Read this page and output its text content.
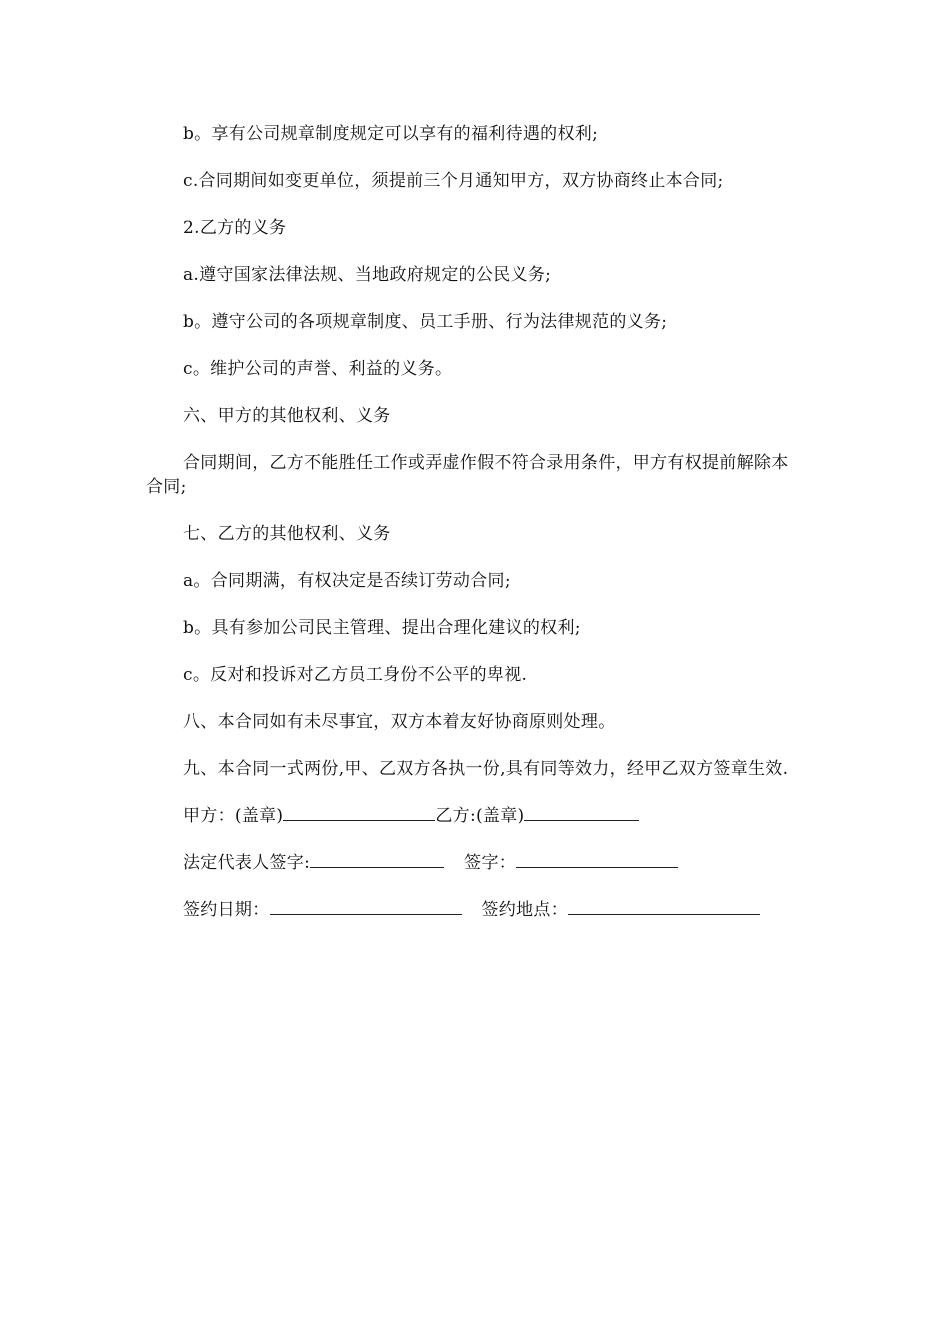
b。享有公司规章制度规定可以享有的福利待遇的权利;

c.合同期间如变更单位，须提前三个月通知甲方，双方协商终止本合同;

2.乙方的义务

a.遵守国家法律法规、当地政府规定的公民义务;

b。遵守公司的各项规章制度、员工手册、行为法律规范的义务;

c。维护公司的声誉、利益的义务。

六、甲方的其他权利、义务

合同期间，乙方不能胜任工作或弄虚作假不符合录用条件，甲方有权提前解除本合同;

七、乙方的其他权利、义务

a。合同期满，有权决定是否续订劳动合同;

b。具有参加公司民主管理、提出合理化建议的权利;

c。反对和投诉对乙方员工身份不公平的卑视.

八、本合同如有未尽事宜，双方本着友好协商原则处理。

九、本合同一式两份,甲、乙双方各执一份,具有同等效力，经甲乙双方签章生效.

甲方：(盖章)	乙方:(盖章)
法定代表人签字:	签字：
签约日期：	签约地点：
